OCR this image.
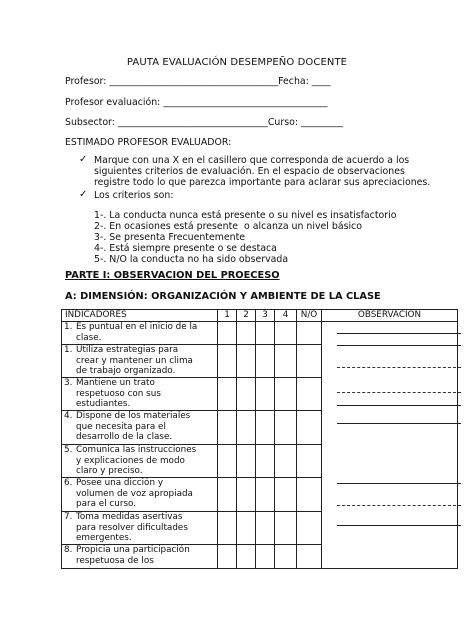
PAUTA EVALUACIÓN DESEMPEÑO DOCENTE
Profesor: ____________________________________Fecha: ____
Profesor evaluación: ___________________________________
Subsector: ________________________________Curso: _________
ESTIMADO PROFESOR EVALUADOR:
✓ Marque con una X en el casillero que corresponda de acuerdo a los
siguientes criterios de evaluación. En el espacio de observaciones
registre todo lo que parezca importante para aclarar sus apreciaciones.
✓ Los criterios son:
1-. La conducta nunca está presente o su nivel es insatisfactorio
2-. En ocasiones está presente  o alcanza un nivel básico
3-. Se presenta Frecuentemente
4-. Está siempre presente o se destaca
5-. N/O la conducta no ha sido observada
PARTE I: OBSERVACION DEL PROECESO
A: DIMENSIÓN: ORGANIZACIÓN Y AMBIENTE DE LA CLASE
INDICADORES	1	2	3	4	N/O	OBSERVACION

1. Es puntual en el inicio de la
clase.						

1. Utiliza estrategias para
crear y mantener un clima
de trabajo organizado.						

3. Mantiene un trato
respetuoso con sus
estudiantes.						

4. Dispone de los materiales
que necesita para el
desarrollo de la clase.						

5. Comunica las instrucciones
y explicaciones de modo
claro y preciso.						

6. Posee una dicción y
volumen de voz apropiada
para el curso.						

7. Toma medidas asertivas
para resolver dificultades
emergentes.						

8. Propicia una participación
respetuosa de los						
